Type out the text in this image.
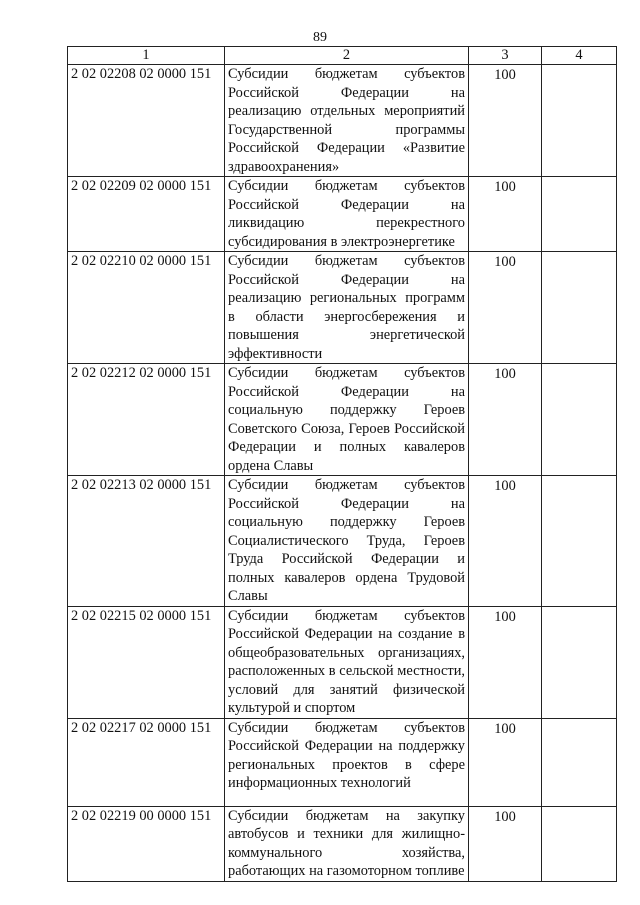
89
1	2	3	4
2 02 02208 02 0000 151	Субсидии бюджетам субъектов Российской Федерации на реализацию отдельных мероприятий Государственной программы Российской Федерации «Развитие здравоохранения»	100	
2 02 02209 02 0000 151	Субсидии бюджетам субъектов Российской Федерации на ликвидацию перекрестного субсидирования в электроэнергетике	100	
2 02 02210 02 0000 151	Субсидии бюджетам субъектов Российской Федерации на реализацию региональных программ в области энергосбережения и повышения энергетической эффективности	100	
2 02 02212 02 0000 151	Субсидии бюджетам субъектов Российской Федерации на социальную поддержку Героев Советского Союза, Героев Российской Федерации и полных кавалеров ордена Славы	100	
2 02 02213 02 0000 151	Субсидии бюджетам субъектов Российской Федерации на социальную поддержку Героев Социалистического Труда, Героев Труда Российской Федерации и полных кавалеров ордена Трудовой Славы	100	
2 02 02215 02 0000 151	Субсидии бюджетам субъектов Российской Федерации на создание в общеобразовательных организациях, расположенных в сельской местности, условий для занятий физической культурой и спортом	100	
2 02 02217 02 0000 151	Субсидии бюджетам субъектов Российской Федерации на поддержку региональных проектов в сфере информационных технологий	100	
2 02 02219 00 0000 151	Субсидии бюджетам на закупку автобусов и техники для жилищно-коммунального хозяйства, работающих на газомоторном топливе	100	
